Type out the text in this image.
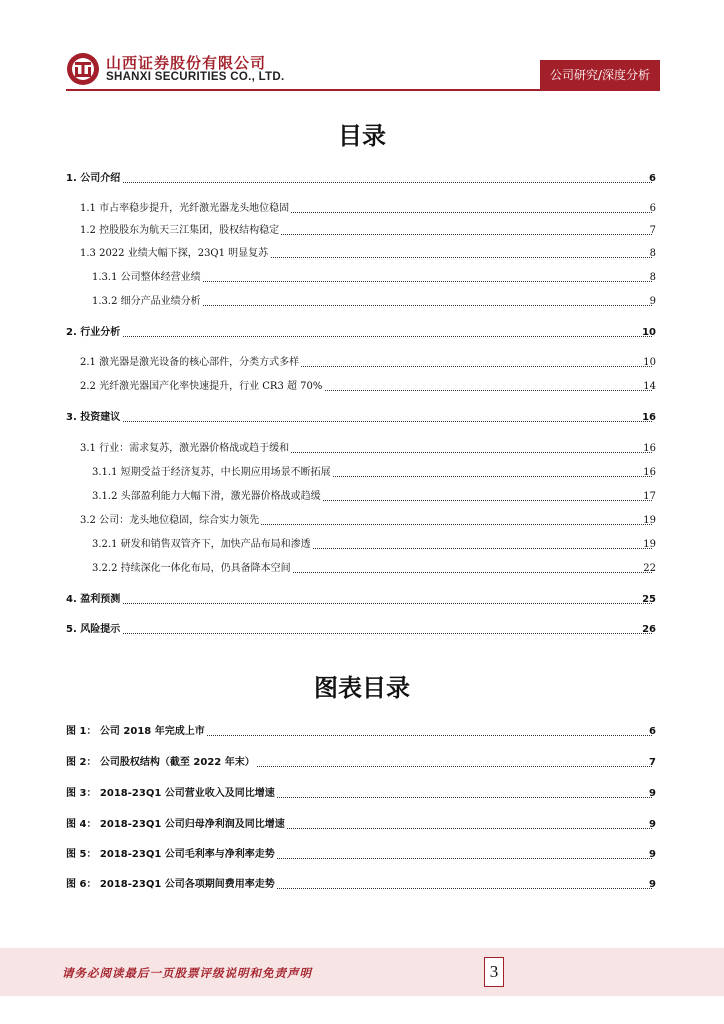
山西证券股份有限公司
SHANXI SECURITIES CO., LTD.	公司研究/深度分析
目录
1. 公司介绍	6
1.1 市占率稳步提升，光纤激光器龙头地位稳固	6
1.2 控股股东为航天三江集团，股权结构稳定	7
1.3 2022 业绩大幅下探，23Q1 明显复苏	8
1.3.1 公司整体经营业绩	8
1.3.2 细分产品业绩分析	9
2. 行业分析	10
2.1 激光器是激光设备的核心部件，分类方式多样	10
2.2 光纤激光器国产化率快速提升，行业 CR3 超 70%	14
3. 投资建议	16
3.1 行业：需求复苏，激光器价格战或趋于缓和	16
3.1.1 短期受益于经济复苏，中长期应用场景不断拓展	16
3.1.2 头部盈利能力大幅下滑，激光器价格战或趋缓	17
3.2 公司：龙头地位稳固，综合实力领先	19
3.2.1 研发和销售双管齐下，加快产品布局和渗透	19
3.2.2 持续深化一体化布局，仍具备降本空间	22
4. 盈利预测	25
5. 风险提示	26
图表目录
图 1： 公司 2018 年完成上市	6
图 2： 公司股权结构（截至 2022 年末）	7
图 3： 2018-23Q1 公司营业收入及同比增速	9
图 4： 2018-23Q1 公司归母净利润及同比增速	9
图 5： 2018-23Q1 公司毛利率与净利率走势	9
图 6： 2018-23Q1 公司各项期间费用率走势	9
请务必阅读最后一页股票评级说明和免责声明	3
